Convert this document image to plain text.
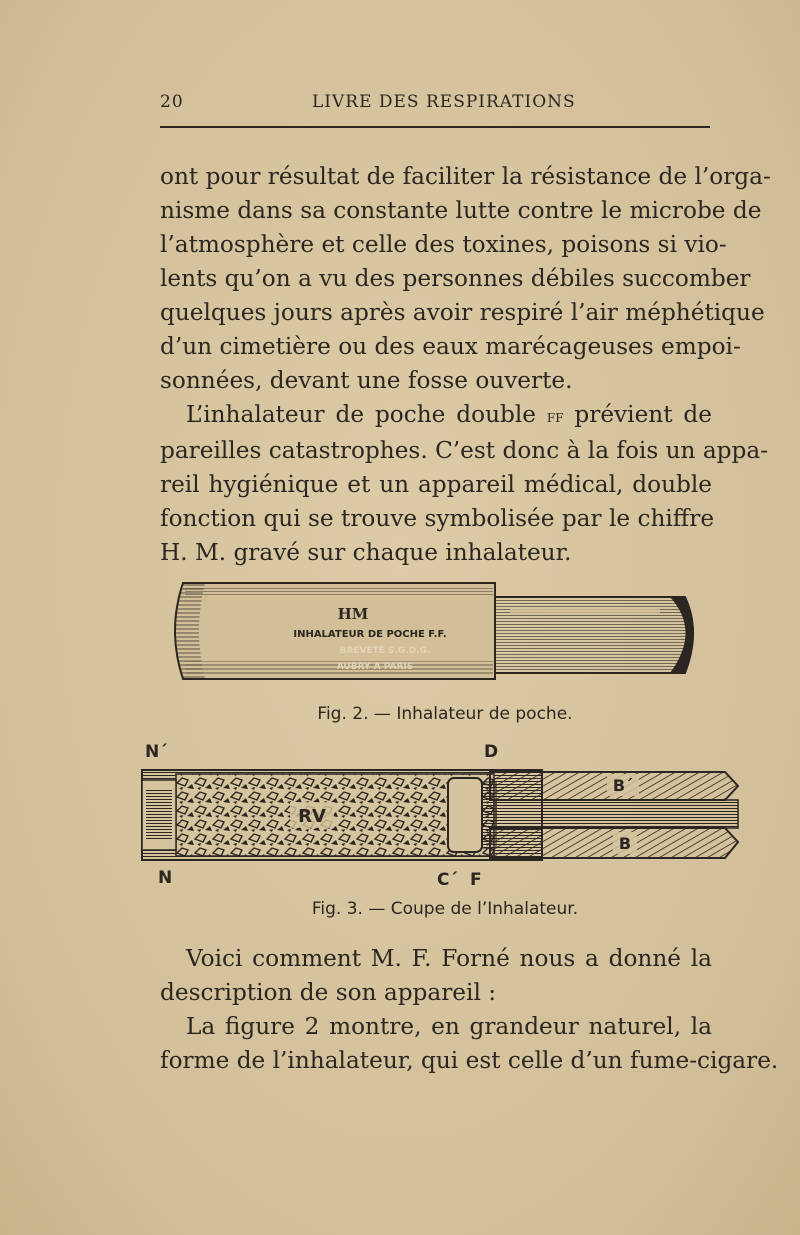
20	LIVRE DES RESPIRATIONS

ont pour résultat de faciliter la résistance de l’orga-
nisme dans sa constante lutte contre le microbe de
l’atmosphère et celle des toxines, poisons si vio-
lents qu’on a vu des personnes débiles succomber
quelques jours après avoir respiré l’air méphétique
d’un cimetière ou des eaux marécageuses empoi-
sonnées, devant une fosse ouverte.

L’inhalateur de poche double ff prévient de
pareilles catastrophes. C’est donc à la fois un appa-
reil hygiénique et un appareil médical, double
fonction qui se trouve symbolisée par le chiffre
H. M. gravé sur chaque inhalateur.

HM
INHALATEUR DE POCHE F.F.
BREVETÉ S.G.D.G.
AUBRY A PARIS
Fig. 2. — Inhalateur de poche.
N´	D
B´
RV
B
N	C´ F
Fig. 3. — Coupe de l’Inhalateur.

Voici comment M. F. Forné nous a donné la
description de son appareil :

La figure 2 montre, en grandeur naturel, la
forme de l’inhalateur, qui est celle d’un fume-cigare.
